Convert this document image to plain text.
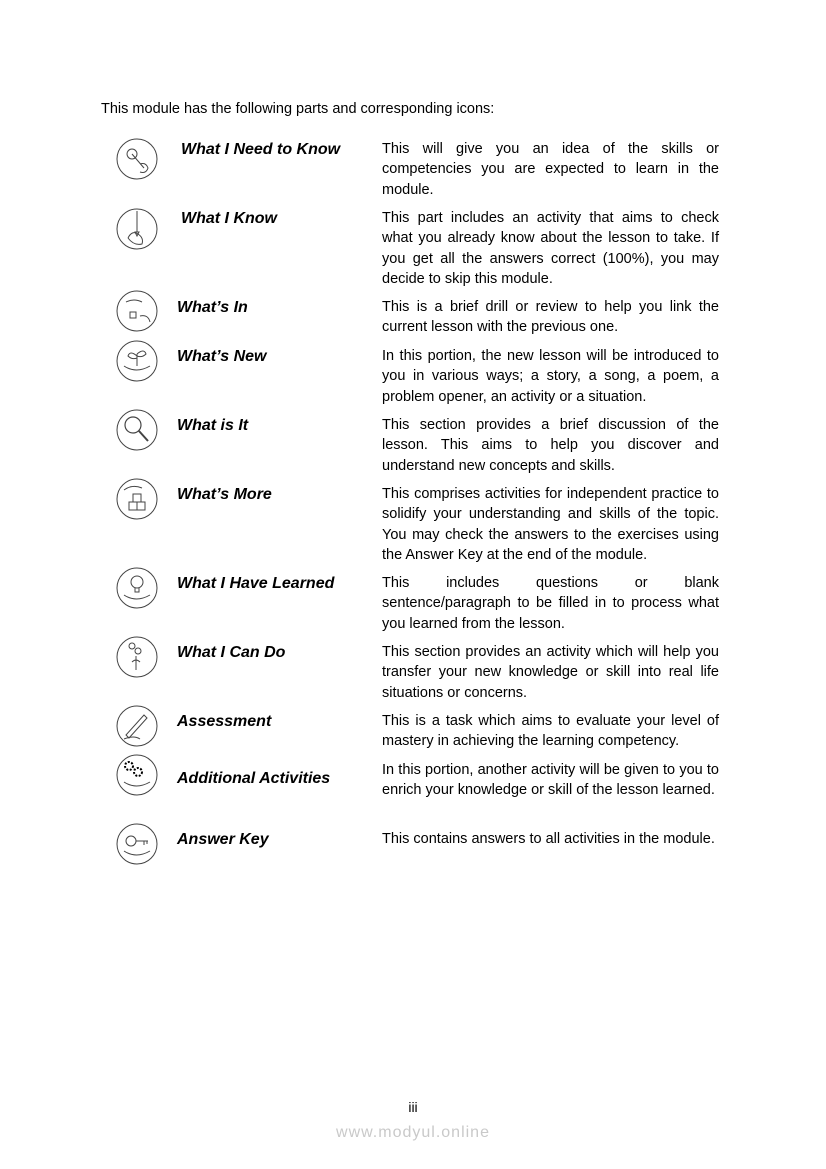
This module has the following parts and corresponding icons:
What I Need to Know	This will give you an idea of the skills or competencies you are expected to learn in the module.
What I Know	This part includes an activity that aims to check what you already know about the lesson to take. If you get all the answers correct (100%), you may decide to skip this module.
What’s In	This is a brief drill or review to help you link the current lesson with the previous one.
What’s New	In this portion, the new lesson will be introduced to you in various ways; a story, a song, a poem, a problem opener, an activity or a situation.
What is It	This section provides a brief discussion of the lesson. This aims to help you discover and understand new concepts and skills.
What’s More	This comprises activities for independent practice to solidify your understanding and skills of the topic. You may check the answers to the exercises using the Answer Key at the end of the module.
What I Have Learned	This includes questions or blank sentence/paragraph to be filled in to process what you learned from the lesson.
What I Can Do	This section provides an activity which will help you transfer your new knowledge or skill into real life situations or concerns.
Assessment	This is a task which aims to evaluate your level of mastery in achieving the learning competency.
Additional Activities	In this portion, another activity will be given to you to enrich your knowledge or skill of the lesson learned.
Answer Key	This contains answers to all activities in the module.
iii
www.modyul.online
